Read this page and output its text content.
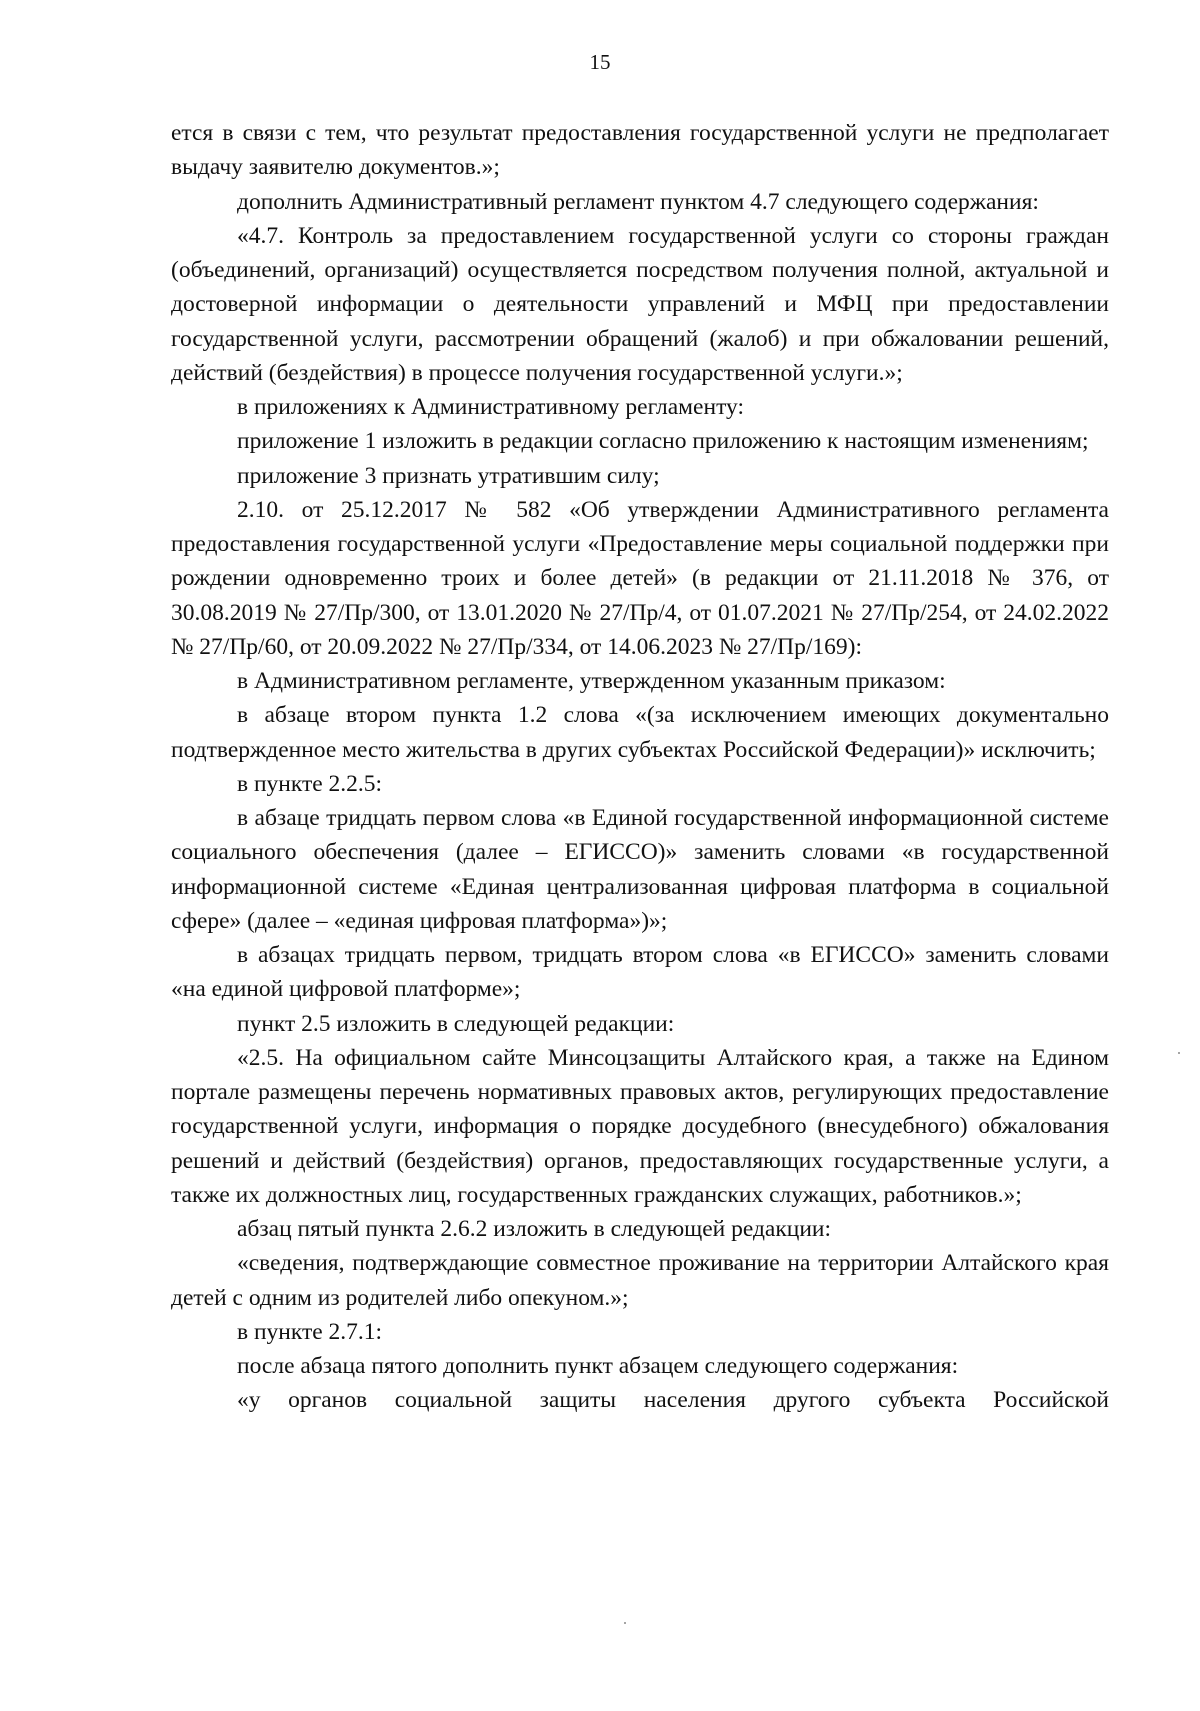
15

ется в связи с тем, что результат предоставления государственной услуги не предполагает выдачу заявителю документов.»;

дополнить Административный регламент пунктом 4.7 следующего содержания:

«4.7. Контроль за предоставлением государственной услуги со стороны граждан (объединений, организаций) осуществляется посредством получения полной, актуальной и достоверной информации о деятельности управлений и МФЦ при предоставлении государственной услуги, рассмотрении обращений (жалоб) и при обжаловании решений, действий (бездействия) в процессе получения государственной услуги.»;

в приложениях к Административному регламенту:

приложение 1 изложить в редакции согласно приложению к настоящим изменениям;

приложение 3 признать утратившим силу;

2.10. от 25.12.2017 № 582 «Об утверждении Административного регламента предоставления государственной услуги «Предоставление меры социальной поддержки при рождении одновременно троих и более детей» (в редакции от 21.11.2018 № 376, от 30.08.2019 № 27/Пр/300, от 13.01.2020 № 27/Пр/4, от 01.07.2021 № 27/Пр/254, от 24.02.2022 № 27/Пр/60, от 20.09.2022 № 27/Пр/334, от 14.06.2023 № 27/Пр/169):

в Административном регламенте, утвержденном указанным приказом:

в абзаце втором пункта 1.2 слова «(за исключением имеющих документально подтвержденное место жительства в других субъектах Российской Федерации)» исключить;

в пункте 2.2.5:

в абзаце тридцать первом слова «в Единой государственной информационной системе социального обеспечения (далее – ЕГИССО)» заменить словами «в государственной информационной системе «Единая централизованная цифровая платформа в социальной сфере» (далее – «единая цифровая платформа»)»;

в абзацах тридцать первом, тридцать втором слова «в ЕГИССО» заменить словами «на единой цифровой платформе»;

пункт 2.5 изложить в следующей редакции:

«2.5. На официальном сайте Минсоцзащиты Алтайского края, а также на Едином портале размещены перечень нормативных правовых актов, регулирующих предоставление государственной услуги, информация о порядке досудебного (внесудебного) обжалования решений и действий (бездействия) органов, предоставляющих государственные услуги, а также их должностных лиц, государственных гражданских служащих, работников.»;

абзац пятый пункта 2.6.2 изложить в следующей редакции:

«сведения, подтверждающие совместное проживание на территории Алтайского края детей с одним из родителей либо опекуном.»;

в пункте 2.7.1:

после абзаца пятого дополнить пункт абзацем следующего содержания:

«у органов социальной защиты населения другого субъекта Российской
